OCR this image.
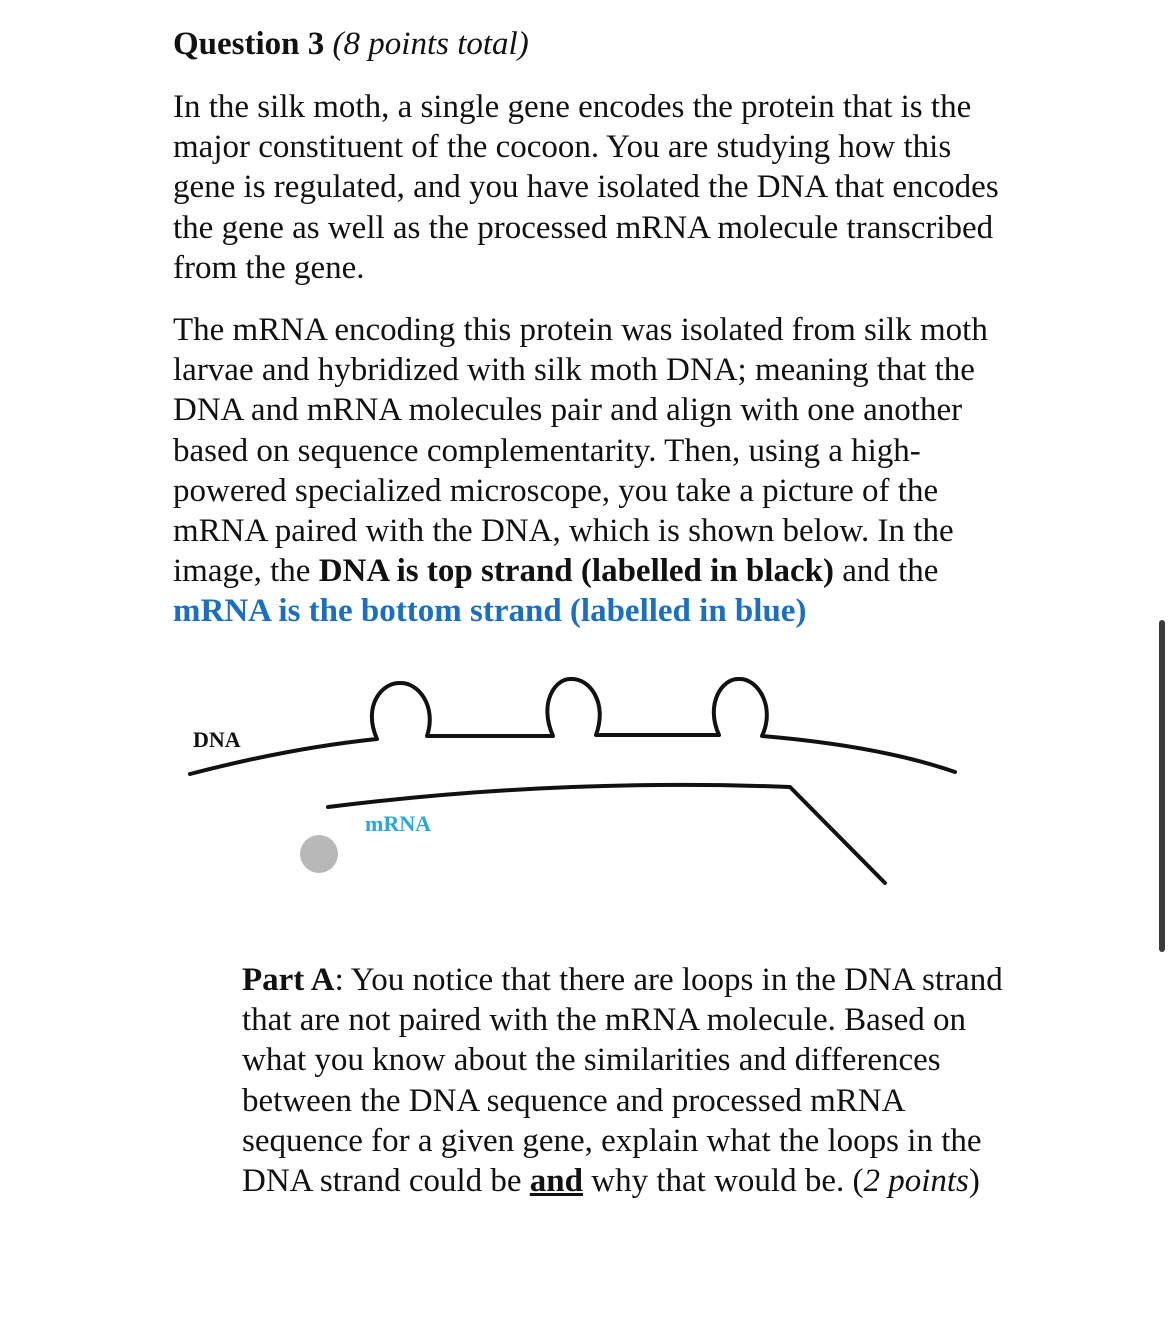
Question 3 (8 points total)

In the silk moth, a single gene encodes the protein that is the major constituent of the cocoon. You are studying how this gene is regulated, and you have isolated the DNA that encodes the gene as well as the processed mRNA molecule transcribed from the gene.

The mRNA encoding this protein was isolated from silk moth larvae and hybridized with silk moth DNA; meaning that the DNA and mRNA molecules pair and align with one another based on sequence complementarity. Then, using a high-powered specialized microscope, you take a picture of the mRNA paired with the DNA, which is shown below. In the image, the DNA is top strand (labelled in black) and the mRNA is the bottom strand (labelled in blue)

DNA
mRNA

Part A: You notice that there are loops in the DNA strand that are not paired with the mRNA molecule. Based on what you know about the similarities and differences between the DNA sequence and processed mRNA sequence for a given gene, explain what the loops in the DNA strand could be and why that would be. (2 points)
